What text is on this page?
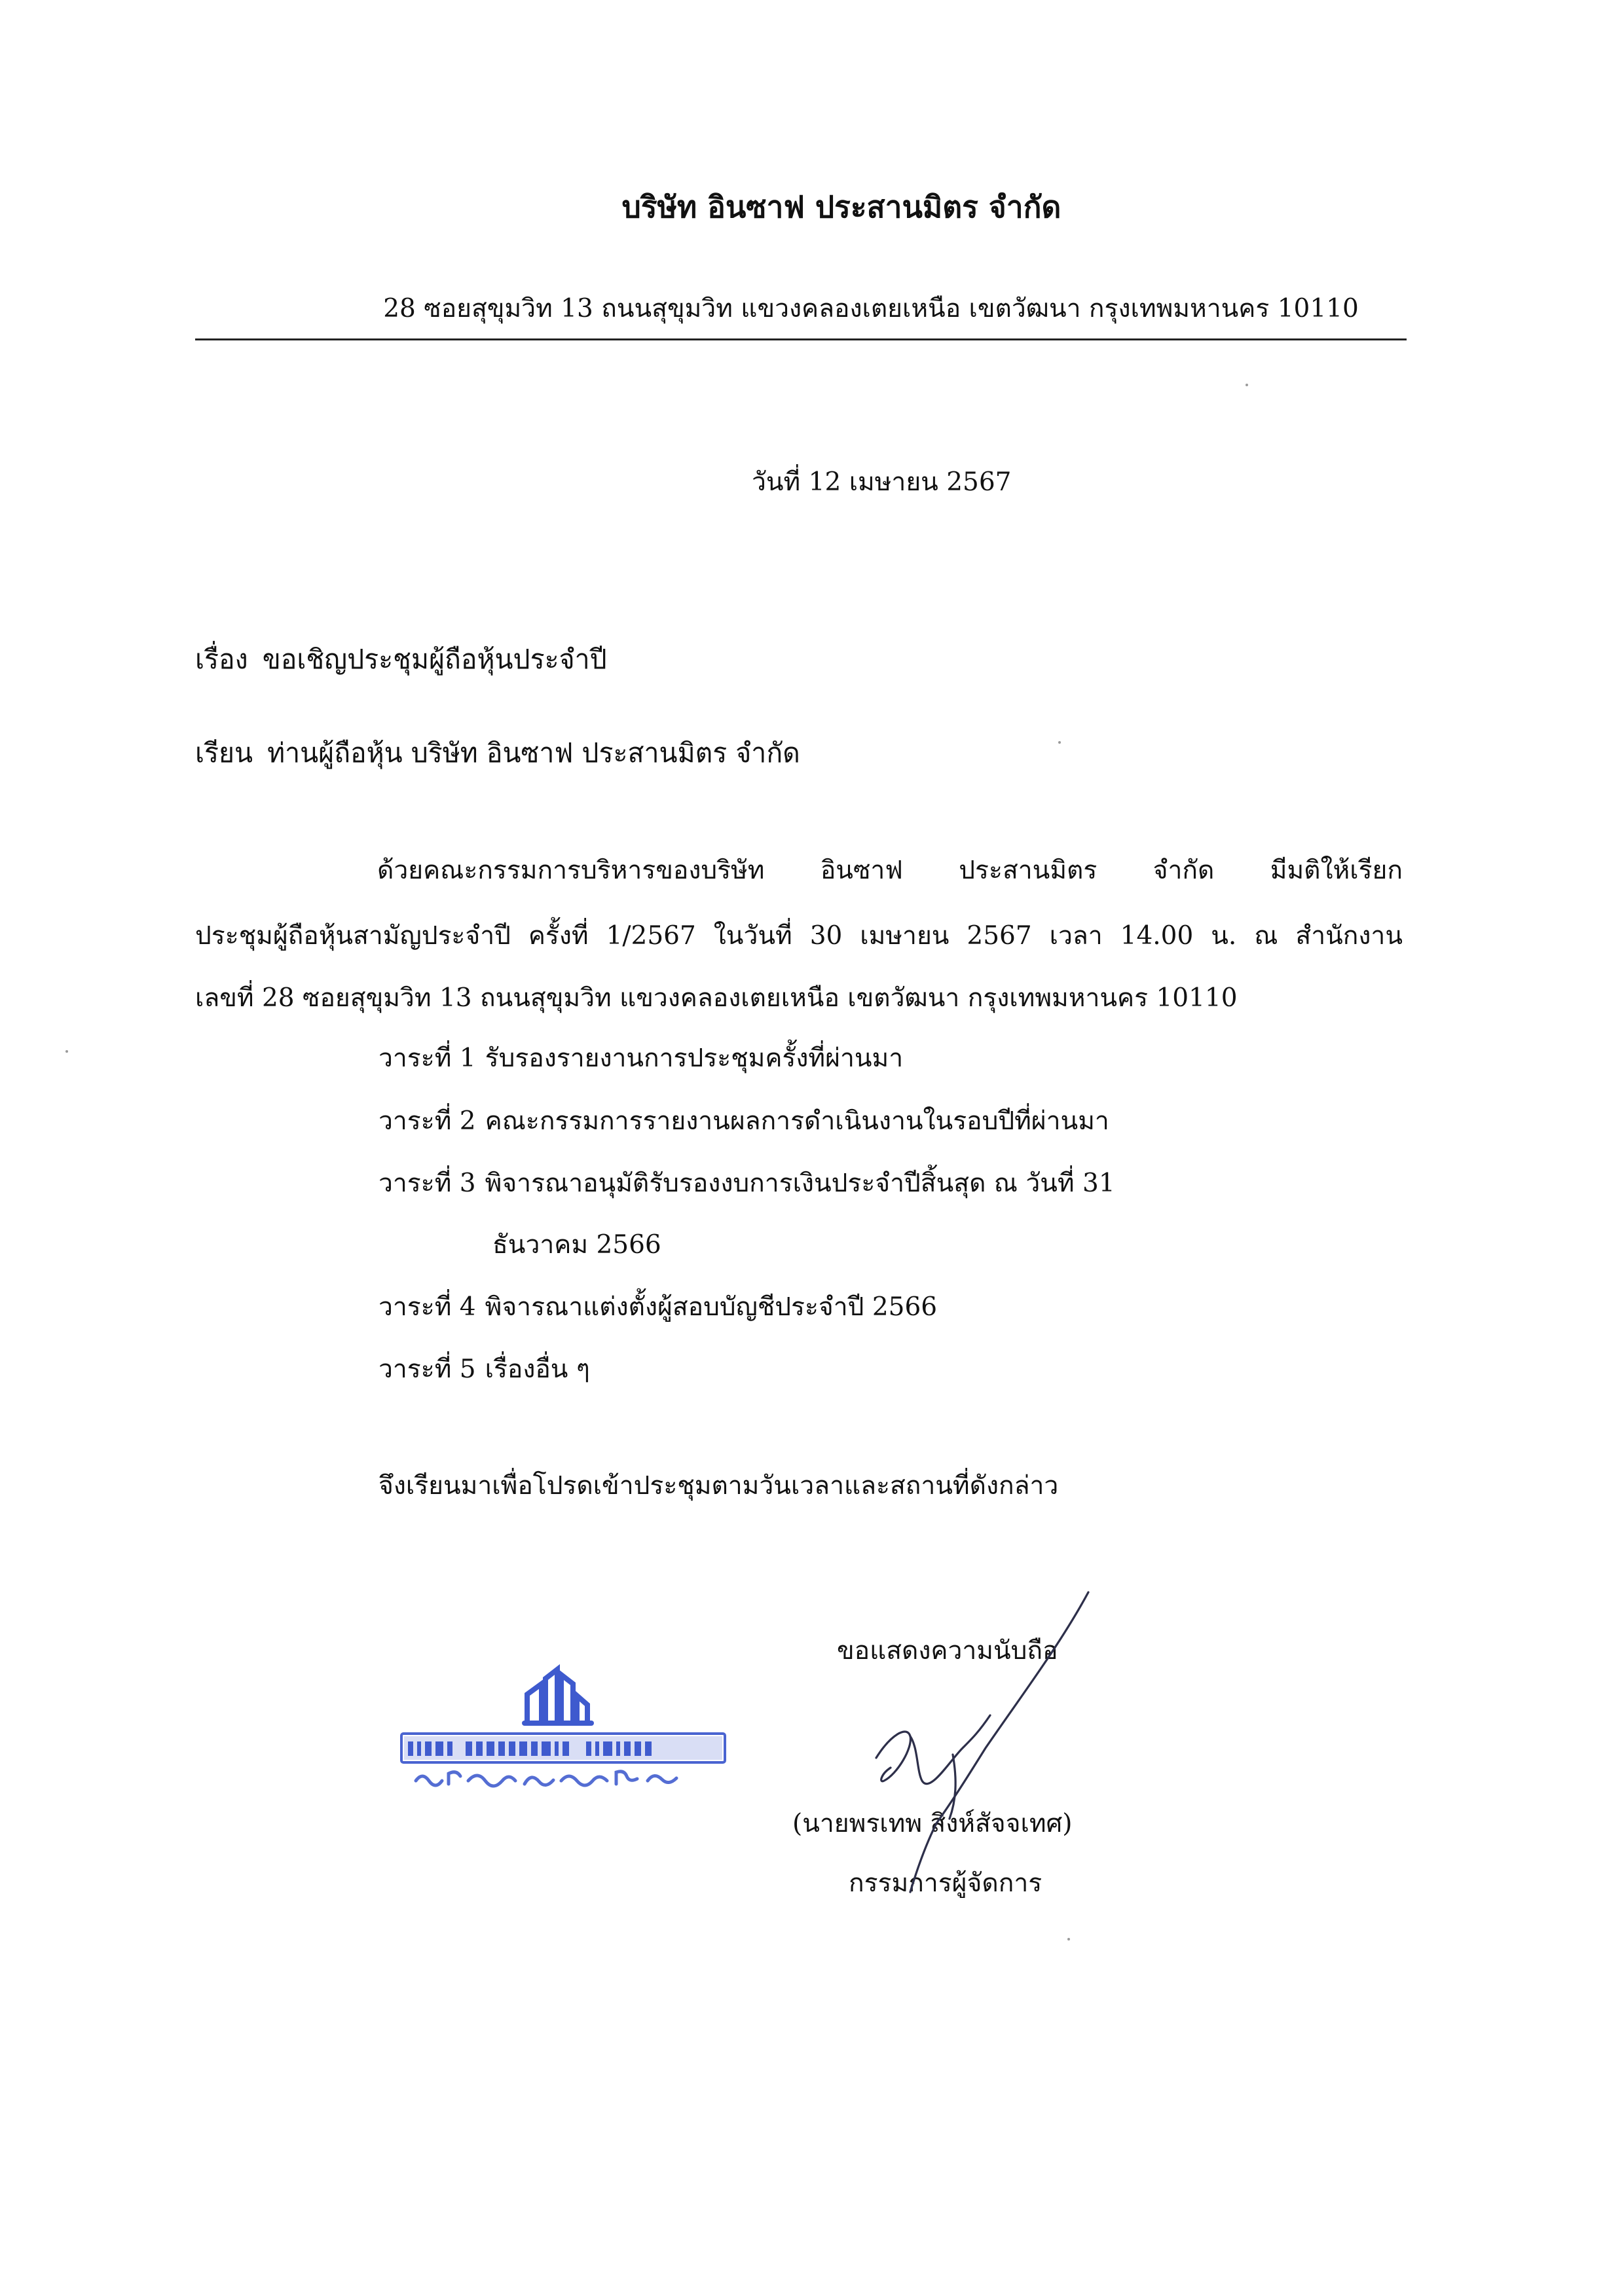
บริษัท อินซาฟ ประสานมิตร จำกัด
28 ซอยสุขุมวิท 13 ถนนสุขุมวิท แขวงคลองเตยเหนือ เขตวัฒนา กรุงเทพมหานคร 10110
วันที่ 12 เมษายน 2567
เรื่อง ขอเชิญประชุมผู้ถือหุ้นประจำปี
เรียน ท่านผู้ถือหุ้น บริษัท อินซาฟ ประสานมิตร จำกัด
ด้วยคณะกรรมการบริหารของบริษัท อินซาฟ ประสานมิตร จำกัด มีมติให้เรียก
ประชุมผู้ถือหุ้นสามัญประจำปี ครั้งที่ 1/2567 ในวันที่ 30 เมษายน 2567 เวลา 14.00 น. ณ สำนักงาน
เลขที่ 28 ซอยสุขุมวิท 13 ถนนสุขุมวิท แขวงคลองเตยเหนือ เขตวัฒนา กรุงเทพมหานคร 10110
วาระที่ 1 รับรองรายงานการประชุมครั้งที่ผ่านมา
วาระที่ 2 คณะกรรมการรายงานผลการดำเนินงานในรอบปีที่ผ่านมา
วาระที่ 3 พิจารณาอนุมัติรับรองงบการเงินประจำปีสิ้นสุด ณ วันที่ 31
ธันวาคม 2566
วาระที่ 4 พิจารณาแต่งตั้งผู้สอบบัญชีประจำปี 2566
วาระที่ 5 เรื่องอื่น ๆ
จึงเรียนมาเพื่อโปรดเข้าประชุมตามวันเวลาและสถานที่ดังกล่าว
ขอแสดงความนับถือ
(นายพรเทพ สิงห์สัจจเทศ)
กรรมการผู้จัดการ
